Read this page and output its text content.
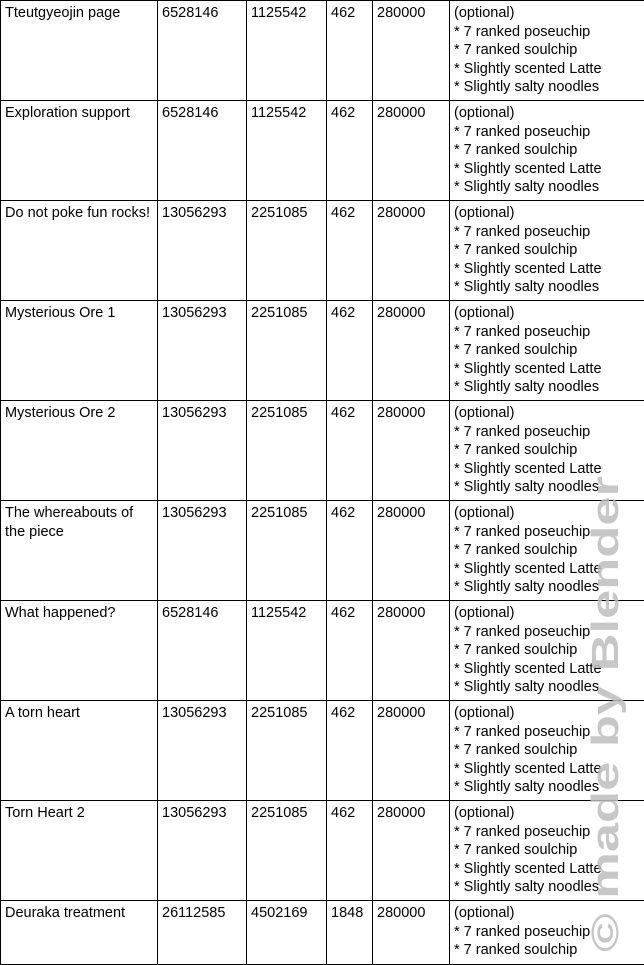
Tteutgyeojin page	6528146	1125542	462	280000	(optional)
* 7 ranked poseuchip
* 7 ranked soulchip
* Slightly scented Latte
* Slightly salty noodles

Exploration support	6528146	1125542	462	280000	(optional)
* 7 ranked poseuchip
* 7 ranked soulchip
* Slightly scented Latte
* Slightly salty noodles

Do not poke fun rocks!	13056293	2251085	462	280000	(optional)
* 7 ranked poseuchip
* 7 ranked soulchip
* Slightly scented Latte
* Slightly salty noodles

Mysterious Ore 1	13056293	2251085	462	280000	(optional)
* 7 ranked poseuchip
* 7 ranked soulchip
* Slightly scented Latte
* Slightly salty noodles

Mysterious Ore 2	13056293	2251085	462	280000	(optional)
* 7 ranked poseuchip
* 7 ranked soulchip
* Slightly scented Latte
* Slightly salty noodles

The whereabouts of the piece	13056293	2251085	462	280000	(optional)
* 7 ranked poseuchip
* 7 ranked soulchip
* Slightly scented Latte
* Slightly salty noodles

What happened?	6528146	1125542	462	280000	(optional)
* 7 ranked poseuchip
* 7 ranked soulchip
* Slightly scented Latte
* Slightly salty noodles

A torn heart	13056293	2251085	462	280000	(optional)
* 7 ranked poseuchip
* 7 ranked soulchip
* Slightly scented Latte
* Slightly salty noodles

Torn Heart 2	13056293	2251085	462	280000	(optional)
* 7 ranked poseuchip
* 7 ranked soulchip
* Slightly scented Latte
* Slightly salty noodles

Deuraka treatment	26112585	4502169	1848	280000	(optional)
* 7 ranked poseuchip
* 7 ranked soulchip © made by Blender
